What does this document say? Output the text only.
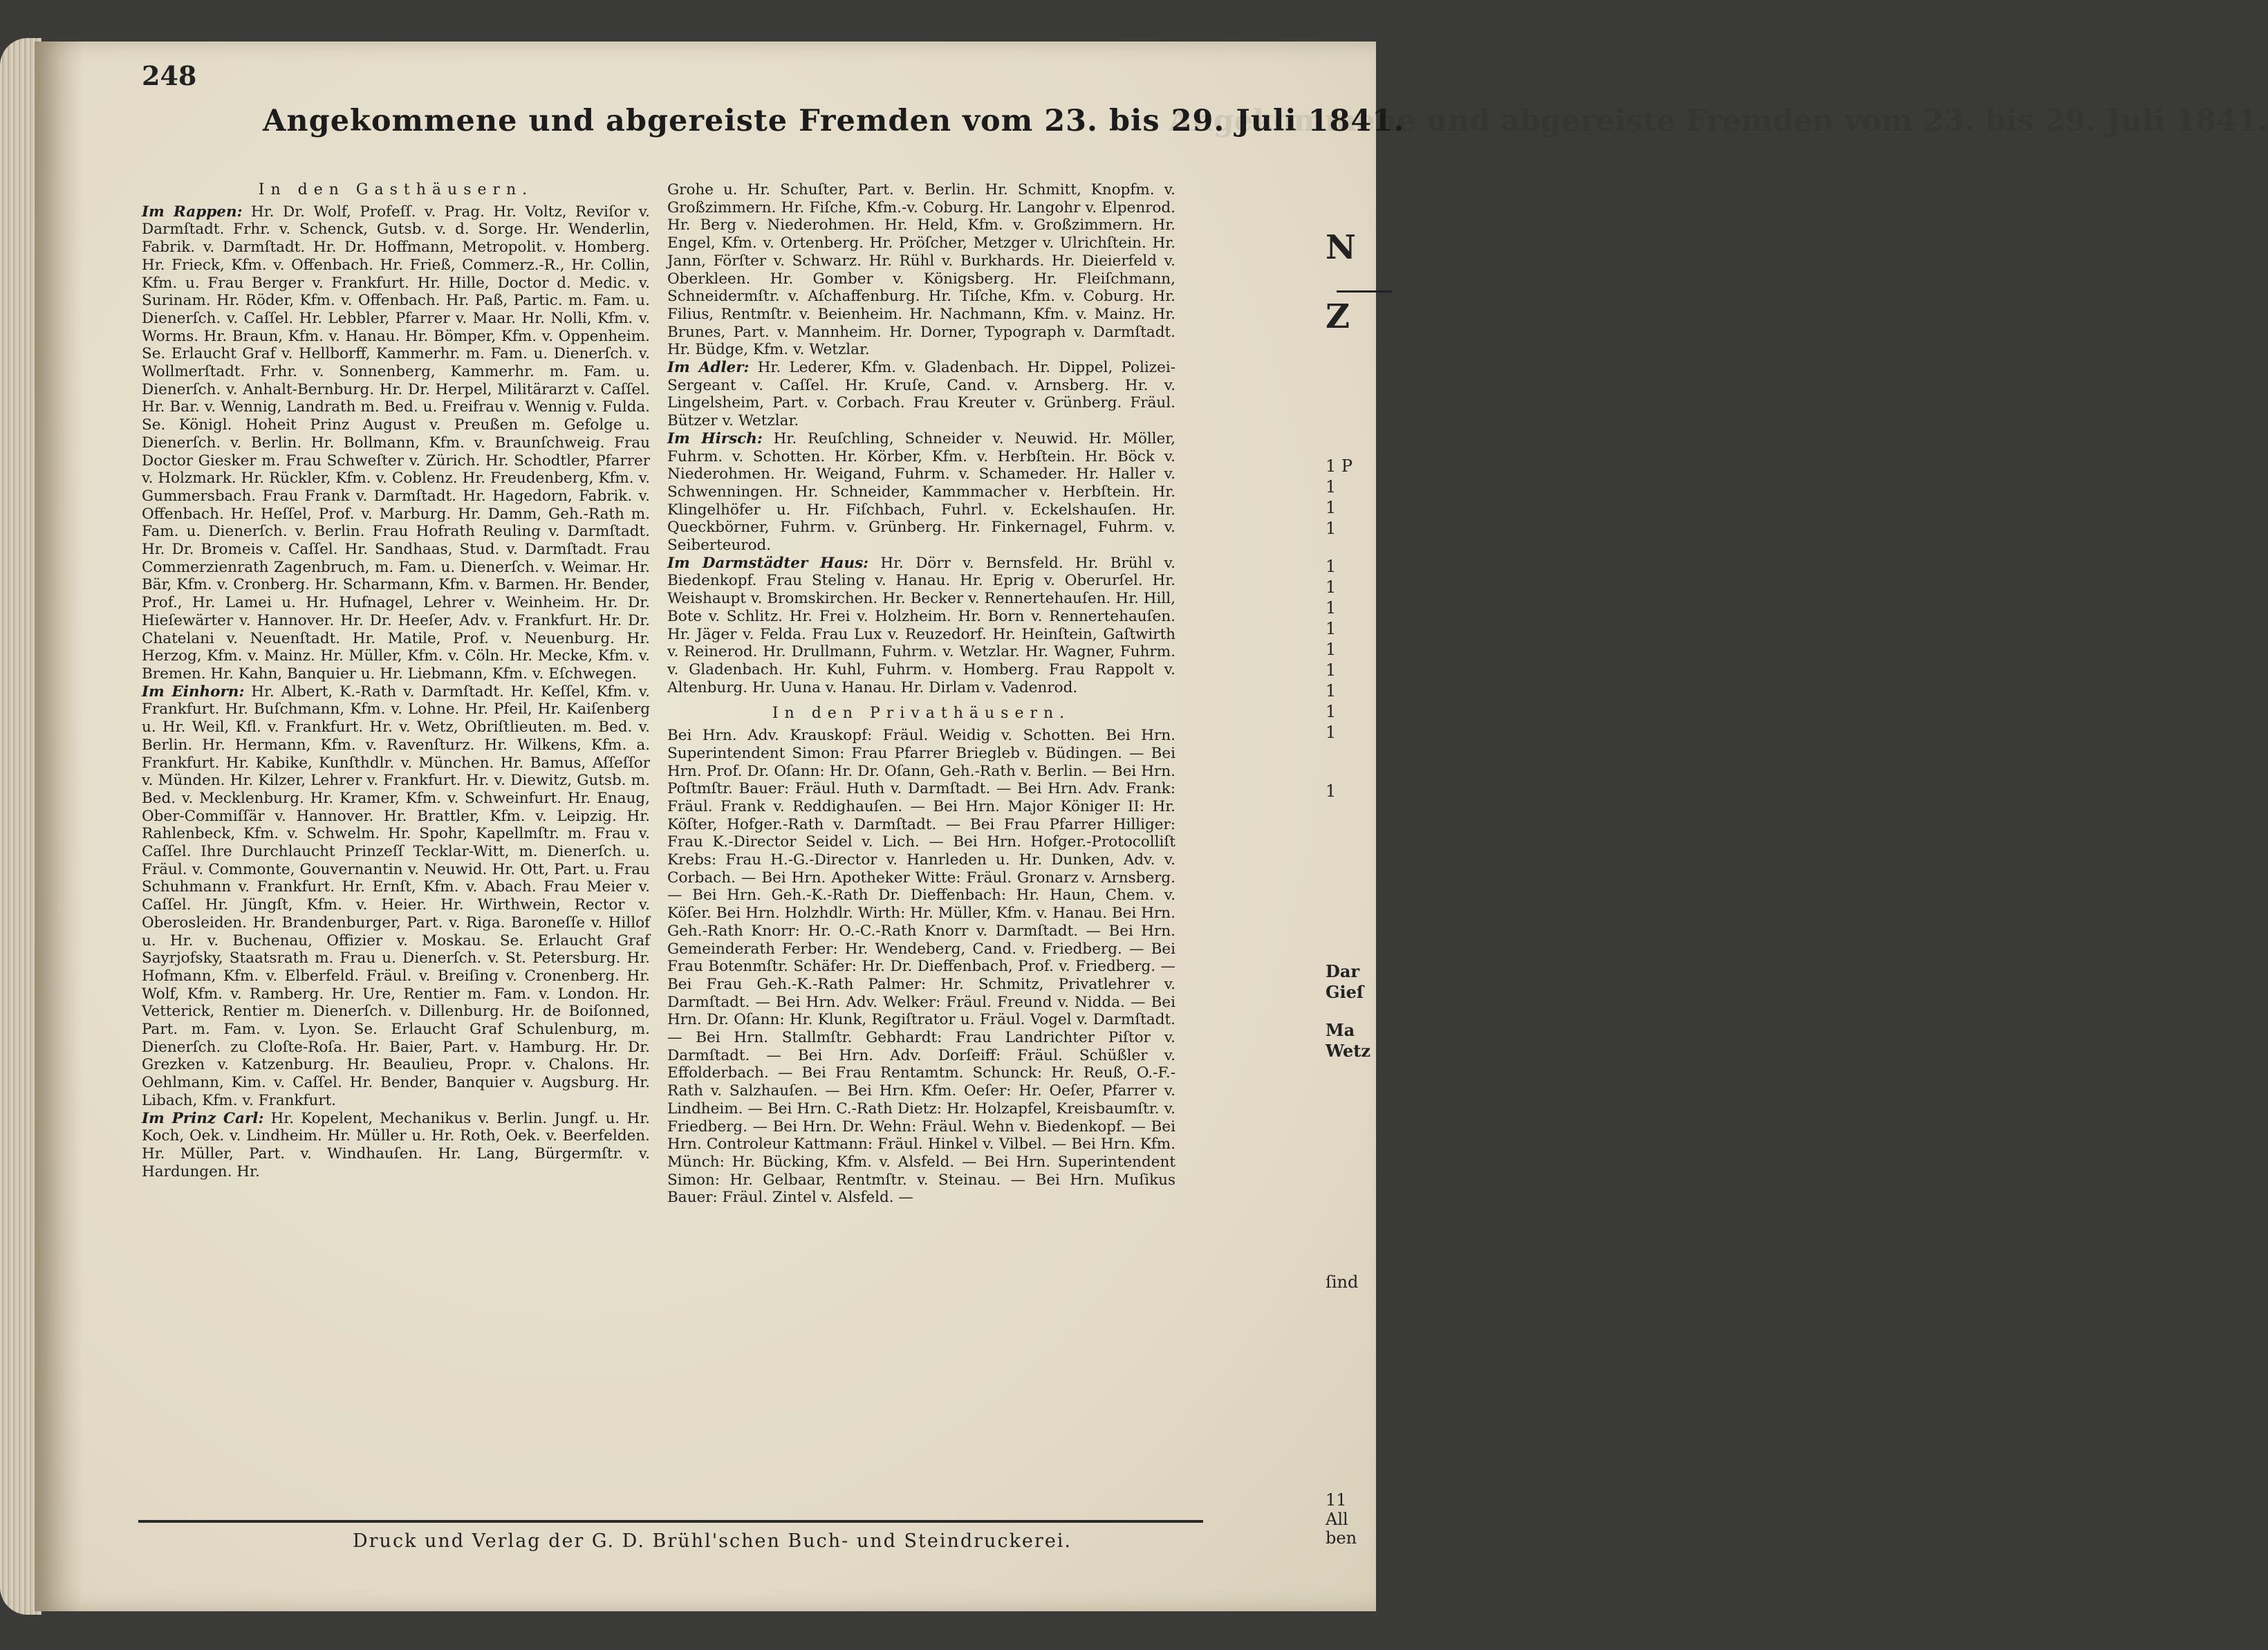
248
Angekommene und abgereiste Fremden vom 23. bis 29. Juli 1841.
Angekommene und abgereiste Fremden vom 23. bis 29. Juli 1841.
In den Gasthäusern.

Im Rappen: Hr. Dr. Wolf, Profeſſ. v. Prag. Hr. Voltz, Reviſor v. Darmſtadt. Frhr. v. Schenck, Gutsb. v. d. Sorge. Hr. Wenderlin, Fabrik. v. Darmſtadt. Hr. Dr. Hoffmann, Metropolit. v. Homberg. Hr. Frieck, Kfm. v. Offenbach. Hr. Frieß, Commerz.-R., Hr. Collin, Kfm. u. Frau Berger v. Frankfurt. Hr. Hille, Doctor d. Medic. v. Surinam. Hr. Röder, Kfm. v. Offenbach. Hr. Paß, Partic. m. Fam. u. Dienerſch. v. Caſſel. Hr. Lebbler, Pfarrer v. Maar. Hr. Nolli, Kfm. v. Worms. Hr. Braun, Kfm. v. Hanau. Hr. Bömper, Kfm. v. Oppenheim. Se. Erlaucht Graf v. Hellborff, Kammerhr. m. Fam. u. Dienerſch. v. Wollmerſtadt. Frhr. v. Sonnenberg, Kammerhr. m. Fam. u. Dienerſch. v. Anhalt-Bernburg. Hr. Dr. Herpel, Militärarzt v. Caſſel. Hr. Bar. v. Wennig, Landrath m. Bed. u. Freifrau v. Wennig v. Fulda. Se. Königl. Hoheit Prinz August v. Preußen m. Gefolge u. Dienerſch. v. Berlin. Hr. Bollmann, Kfm. v. Braunſchweig. Frau Doctor Giesker m. Frau Schweſter v. Zürich. Hr. Schodtler, Pfarrer v. Holzmark. Hr. Rückler, Kfm. v. Coblenz. Hr. Freudenberg, Kfm. v. Gummersbach. Frau Frank v. Darmſtadt. Hr. Hagedorn, Fabrik. v. Offenbach. Hr. Heſſel, Prof. v. Marburg. Hr. Damm, Geh.-Rath m. Fam. u. Dienerſch. v. Berlin. Frau Hofrath Reuling v. Darmſtadt. Hr. Dr. Bromeis v. Caſſel. Hr. Sandhaas, Stud. v. Darmſtadt. Frau Commerzienrath Zagenbruch, m. Fam. u. Dienerſch. v. Weimar. Hr. Bär, Kfm. v. Cronberg. Hr. Scharmann, Kfm. v. Barmen. Hr. Bender, Prof., Hr. Lamei u. Hr. Hufnagel, Lehrer v. Weinheim. Hr. Dr. Hieſewärter v. Hannover. Hr. Dr. Heeſer, Adv. v. Frankfurt. Hr. Dr. Chatelani v. Neuenſtadt. Hr. Matile, Prof. v. Neuenburg. Hr. Herzog, Kfm. v. Mainz. Hr. Müller, Kfm. v. Cöln. Hr. Mecke, Kfm. v. Bremen. Hr. Kahn, Banquier u. Hr. Liebmann, Kfm. v. Eſchwegen.

Im Einhorn: Hr. Albert, K.-Rath v. Darmſtadt. Hr. Keſſel, Kfm. v. Frankfurt. Hr. Buſchmann, Kfm. v. Lohne. Hr. Pfeil, Hr. Kaiſenberg u. Hr. Weil, Kfl. v. Frankfurt. Hr. v. Wetz, Obriſtlieuten. m. Bed. v. Berlin. Hr. Hermann, Kfm. v. Ravenſturz. Hr. Wilkens, Kfm. a. Frankfurt. Hr. Kabike, Kunſthdlr. v. München. Hr. Bamus, Aſſeſſor v. Münden. Hr. Kilzer, Lehrer v. Frankfurt. Hr. v. Diewitz, Gutsb. m. Bed. v. Mecklenburg. Hr. Kramer, Kfm. v. Schweinfurt. Hr. Enaug, Ober-Commiſſär v. Hannover. Hr. Brattler, Kfm. v. Leipzig. Hr. Rahlenbeck, Kfm. v. Schwelm. Hr. Spohr, Kapellmſtr. m. Frau v. Caſſel. Ihre Durchlaucht Prinzeſſ Tecklar-Witt, m. Dienerſch. u. Fräul. v. Commonte, Gouvernantin v. Neuwid. Hr. Ott, Part. u. Frau Schuhmann v. Frankfurt. Hr. Ernſt, Kfm. v. Abach. Frau Meier v. Caſſel. Hr. Jüngſt, Kfm. v. Heier. Hr. Wirthwein, Rector v. Oberosleiden. Hr. Brandenburger, Part. v. Riga. Baroneſſe v. Hillof u. Hr. v. Buchenau, Offizier v. Moskau. Se. Erlaucht Graf Sayrjofsky, Staatsrath m. Frau u. Dienerſch. v. St. Petersburg. Hr. Hofmann, Kfm. v. Elberfeld. Fräul. v. Breiſing v. Cronenberg. Hr. Wolf, Kfm. v. Ramberg. Hr. Ure, Rentier m. Fam. v. London. Hr. Vetterick, Rentier m. Dienerſch. v. Dillenburg. Hr. de Boiſonned, Part. m. Fam. v. Lyon. Se. Erlaucht Graf Schulenburg, m. Dienerſch. zu Cloſte-Roſa. Hr. Baier, Part. v. Hamburg. Hr. Dr. Grezken v. Katzenburg. Hr. Beaulieu, Propr. v. Chalons. Hr. Oehlmann, Kim. v. Caſſel. Hr. Bender, Banquier v. Augsburg. Hr. Libach, Kfm. v. Frankfurt.

Im Prinz Carl: Hr. Kopelent, Mechanikus v. Berlin. Jungf. u. Hr. Koch, Oek. v. Lindheim. Hr. Müller u. Hr. Roth, Oek. v. Beerfelden. Hr. Müller, Part. v. Windhauſen. Hr. Lang, Bürgermſtr. v. Hardungen. Hr.

Grohe u. Hr. Schuſter, Part. v. Berlin. Hr. Schmitt, Knopfm. v. Großzimmern. Hr. Fiſche, Kfm.-v. Coburg. Hr. Langohr v. Elpenrod. Hr. Berg v. Niederohmen. Hr. Held, Kfm. v. Großzimmern. Hr. Engel, Kfm. v. Ortenberg. Hr. Pröſcher, Metzger v. Ulrichſtein. Hr. Jann, Förſter v. Schwarz. Hr. Rühl v. Burkhards. Hr. Dieierfeld v. Oberkleen. Hr. Gomber v. Königsberg. Hr. Fleiſchmann, Schneidermſtr. v. Aſchaffenburg. Hr. Tiſche, Kfm. v. Coburg. Hr. Filius, Rentmſtr. v. Beienheim. Hr. Nachmann, Kfm. v. Mainz. Hr. Brunes, Part. v. Mannheim. Hr. Dorner, Typograph v. Darmſtadt. Hr. Büdge, Kfm. v. Wetzlar.

Im Adler: Hr. Lederer, Kfm. v. Gladenbach. Hr. Dippel, Polizei-Sergeant v. Caſſel. Hr. Kruſe, Cand. v. Arnsberg. Hr. v. Lingelsheim, Part. v. Corbach. Frau Kreuter v. Grünberg. Fräul. Bützer v. Wetzlar.

Im Hirsch: Hr. Reuſchling, Schneider v. Neuwid. Hr. Möller, Fuhrm. v. Schotten. Hr. Körber, Kfm. v. Herbſtein. Hr. Böck v. Niederohmen. Hr. Weigand, Fuhrm. v. Schameder. Hr. Haller v. Schwenningen. Hr. Schneider, Kammmacher v. Herbſtein. Hr. Klingelhöfer u. Hr. Fiſchbach, Fuhrl. v. Eckelshauſen. Hr. Queckbörner, Fuhrm. v. Grünberg. Hr. Finkernagel, Fuhrm. v. Seiberteurod.

Im Darmstädter Haus: Hr. Dörr v. Bernsfeld. Hr. Brühl v. Biedenkopf. Frau Steling v. Hanau. Hr. Eprig v. Oberurſel. Hr. Weishaupt v. Bromskirchen. Hr. Becker v. Rennertehauſen. Hr. Hill, Bote v. Schlitz. Hr. Frei v. Holzheim. Hr. Born v. Rennertehauſen. Hr. Jäger v. Felda. Frau Lux v. Reuzedorf. Hr. Heinſtein, Gaſtwirth v. Reinerod. Hr. Drullmann, Fuhrm. v. Wetzlar. Hr. Wagner, Fuhrm. v. Gladenbach. Hr. Kuhl, Fuhrm. v. Homberg. Frau Rappolt v. Altenburg. Hr. Uuna v. Hanau. Hr. Dirlam v. Vadenrod.

In den Privathäusern.

Bei Hrn. Adv. Krauskopf: Fräul. Weidig v. Schotten. Bei Hrn. Superintendent Simon: Frau Pfarrer Briegleb v. Büdingen. — Bei Hrn. Prof. Dr. Oſann: Hr. Dr. Oſann, Geh.-Rath v. Berlin. — Bei Hrn. Poſtmſtr. Bauer: Fräul. Huth v. Darmſtadt. — Bei Hrn. Adv. Frank: Fräul. Frank v. Reddighauſen. — Bei Hrn. Major Königer II: Hr. Köſter, Hofger.-Rath v. Darmſtadt. — Bei Frau Pfarrer Hilliger: Frau K.-Director Seidel v. Lich. — Bei Hrn. Hofger.-Protocolliſt Krebs: Frau H.-G.-Director v. Hanrleden u. Hr. Dunken, Adv. v. Corbach. — Bei Hrn. Apotheker Witte: Fräul. Gronarz v. Arnsberg. — Bei Hrn. Geh.-K.-Rath Dr. Dieffenbach: Hr. Haun, Chem. v. Köſer. Bei Hrn. Holzhdlr. Wirth: Hr. Müller, Kfm. v. Hanau. Bei Hrn. Geh.-Rath Knorr: Hr. O.-C.-Rath Knorr v. Darmſtadt. — Bei Hrn. Gemeinderath Ferber: Hr. Wendeberg, Cand. v. Friedberg. — Bei Frau Botenmſtr. Schäfer: Hr. Dr. Dieffenbach, Prof. v. Friedberg. — Bei Frau Geh.-K.-Rath Palmer: Hr. Schmitz, Privatlehrer v. Darmſtadt. — Bei Hrn. Adv. Welker: Fräul. Freund v. Nidda. — Bei Hrn. Dr. Oſann: Hr. Klunk, Regiſtrator u. Fräul. Vogel v. Darmſtadt. — Bei Hrn. Stallmſtr. Gebhardt: Frau Landrichter Piſtor v. Darmſtadt. — Bei Hrn. Adv. Dorſeiff: Fräul. Schüßler v. Effolderbach. — Bei Frau Rentamtm. Schunck: Hr. Reuß, O.-F.-Rath v. Salzhauſen. — Bei Hrn. Kfm. Oeſer: Hr. Oeſer, Pfarrer v. Lindheim. — Bei Hrn. C.-Rath Dietz: Hr. Holzapfel, Kreisbaumſtr. v. Friedberg. — Bei Hrn. Dr. Wehn: Fräul. Wehn v. Biedenkopf. — Bei Hrn. Controleur Kattmann: Fräul. Hinkel v. Vilbel. — Bei Hrn. Kfm. Münch: Hr. Bücking, Kfm. v. Alsfeld. — Bei Hrn. Superintendent Simon: Hr. Gelbaar, Rentmſtr. v. Steinau. — Bei Hrn. Muſikus Bauer: Fräul. Zintel v. Alsfeld. —

Druck und Verlag der G. D. Brühl'schen Buch- und Steindruckerei.
N
Z
1 P
1
1
1
1
1
1
1
1
1
1
1
1
1
Dar
Gieſ
Ma
Wetz
ſind
11
All
ben
